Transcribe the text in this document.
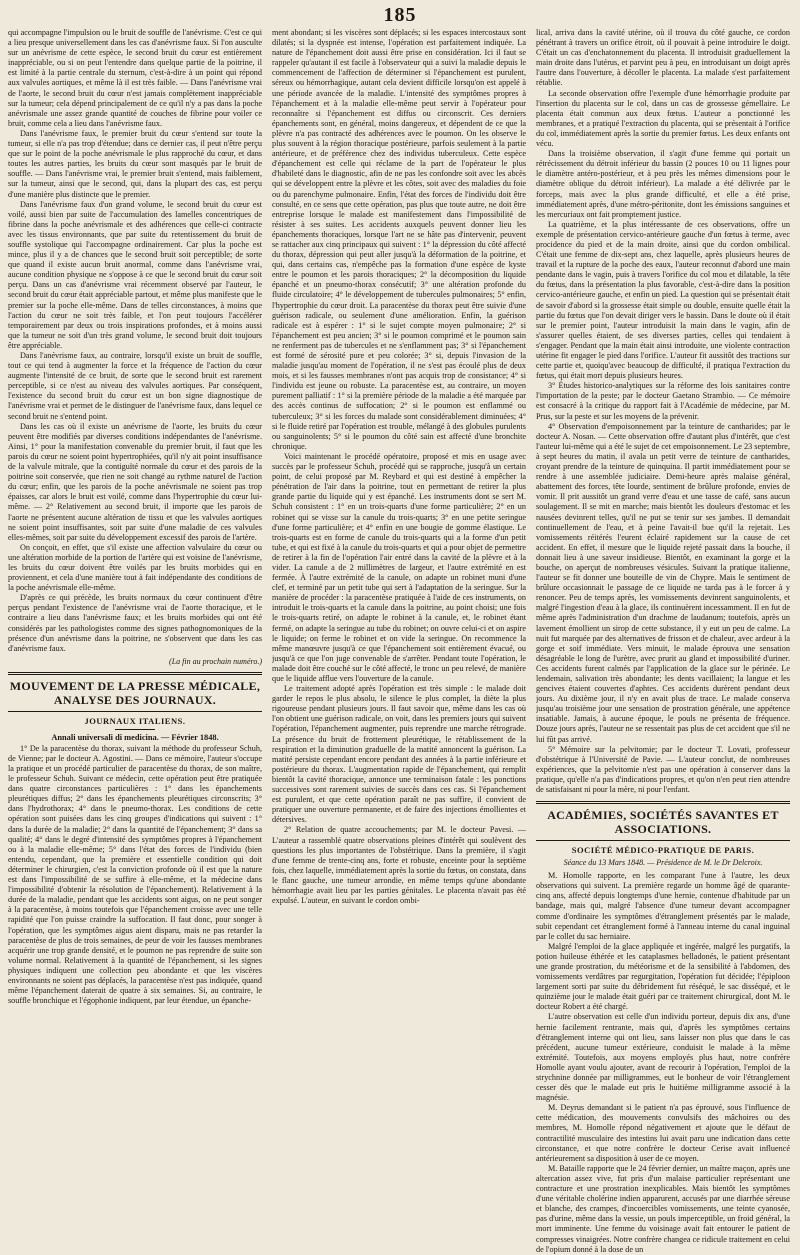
185

qui accompagne l'impulsion ou le bruit de souffle de l'anévrisme. C'est ce qui a lieu presque universellement dans les cas d'anévrisme faux. Si l'on ausculte sur un anévrisme de cette espèce, le second bruit du cœur est entièrement inappréciable, ou si on peut l'entendre dans quelque partie de la poitrine, il est limité à la partie centrale du sternum, c'est-à-dire à un point qui répond aux valvules aortiques, et même là il est très faible. — Dans l'anévrisme vrai de l'aorte, le second bruit du cœur n'est jamais complètement inappréciable sur la tumeur; cela dépend principalement de ce qu'il n'y a pas dans la poche anévrismale une assez grande quantité de couches de fibrine pour voiler ce bruit, comme cela a lieu dans l'anévrisme faux.

Dans l'anévrisme faux, le premier bruit du cœur s'entend sur toute la tumeur, si elle n'a pas trop d'étendue; dans ce dernier cas, il peut n'être perçu que sur le point de la poche anévrismale le plus rapproché du cœur, et dans toutes les autres parties, les bruits du cœur sont masqués par le bruit de souffle. — Dans l'anévrisme vrai, le premier bruit s'entend, mais faiblement, sur la tumeur, ainsi que le second, qui, dans la plupart des cas, est perçu d'une manière plus distincte que le premier.

Dans l'anévrisme faux d'un grand volume, le second bruit du cœur est voilé, aussi bien par suite de l'accumulation des lamelles concentriques de fibrine dans la poche anévrismale et des adhérences que celle-ci contracte avec les tissus environnants, que par suite du retentissement du bruit de souffle systolique qui l'accompagne ordinairement. Car plus la poche est mince, plus il y a de chances que le second bruit soit perceptible; de sorte que quand il existe aucun bruit anormal, comme dans l'anévrisme vrai, aucune condition physique ne s'oppose à ce que le second bruit du cœur soit perçu. Dans un cas d'anévrisme vrai récemment observé par l'auteur, le second bruit du cœur était appréciable partout, et même plus manifeste que le premier sur la poche elle-même. Dans de telles circonstances, à moins que l'action du cœur ne soit très faible, et l'on peut toujours l'accélérer temporairement par deux ou trois inspirations profondes, et à moins aussi que la tumeur ne soit d'un très grand volume, le second bruit doit toujours être appréciable.

Dans l'anévrisme faux, au contraire, lorsqu'il existe un bruit de souffle, tout ce qui tend à augmenter la force et la fréquence de l'action du cœur augmente l'intensité de ce bruit, de sorte que le second bruit est rarement perceptible, si ce n'est au niveau des valvules aortiques. Par conséquent, l'existence du second bruit du cœur est un bon signe diagnostique de l'anévrisme vrai et permet de le distinguer de l'anévrisme faux, dans lequel ce second bruit ne s'entend point.

Dans les cas où il existe un anévrisme de l'aorte, les bruits du cœur peuvent être modifiés par diverses conditions indépendantes de l'anévrisme. Ainsi, 1° pour la manifestation convenable du premier bruit, il faut que les parois du cœur ne soient point hypertrophiées, qu'il n'y ait point insuffisance de la valvule mitrale, que la contiguïté normale du cœur et des parois de la poitrine soit conservée, que rien ne soit changé au rythme naturel de l'action du cœur; enfin, que les parois de la poche anévrismale ne soient pas trop épaisses, car alors le bruit est voilé, comme dans l'hypertrophie du cœur lui-même. — 2° Relativement au second bruit, il importe que les parois de l'aorte ne présentent aucune altération de tissu et que les valvules aortiques ne soient point insuffisantes, soit par suite d'une maladie de ces valvules elles-mêmes, soit par suite du développement excessif des parois de l'artère.

On conçoit, en effet, que s'il existe une affection valvulaire du cœur ou une altération morbide de la portion de l'artère qui est voisine de l'anévrisme, les bruits du cœur doivent être voilés par les bruits morbides qui en proviennent, et cela d'une manière tout à fait indépendante des conditions de la poche anévrismale elle-même.

D'après ce qui précède, les bruits normaux du cœur continuent d'être perçus pendant l'existence de l'anévrisme vrai de l'aorte thoracique, et le contraire a lieu dans l'anévrisme faux; et les bruits morbides qui ont été considérés par les pathologistes comme des signes pathognomoniques de la présence d'un anévrisme dans la poitrine, ne s'observent que dans les cas d'anévrisme faux.

(La fin au prochain numéro.)
MOUVEMENT DE LA PRESSE MÉDICALE, ANALYSE DES JOURNAUX.
JOURNAUX ITALIENS.
Annali universali di medicina. — Février 1848.

1° De la paracentèse du thorax, suivant la méthode du professeur Schuh, de Vienne; par le docteur A. Agostini. — Dans ce mémoire, l'auteur s'occupe la pratique et un procédé particulier de paracentèse du thorax, de son maître, le professeur Schuh. Suivant ce médecin, cette opération peut être pratiquée dans quatre circonstances particulières : 1° dans les épanchements pleurétiques diffus; 2° dans les épanchements pleurétiques circonscrits; 3° dans l'hydrothorax; 4° dans le pneumo-thorax. Les conditions de cette opération sont puisées dans les cinq groupes d'indications qui suivent : 1° dans la durée de la maladie; 2° dans la quantité de l'épanchement; 3° dans sa qualité; 4° dans le degré d'intensité des symptômes propres à l'épanchement ou à la maladie elle-même; 5° dans l'état des forces de l'individu (bien entendu, cependant, que la première et essentielle condition qui doit déterminer le chirurgien, c'est la conviction profonde où il est que la nature est dans l'impossibilité de se suffire à elle-même, et la médecine dans l'impossibilité d'obtenir la résolution de l'épanchement). Relativement à la durée de la maladie, pendant que les accidents sont aigus, on ne peut songer à la paracentèse, à moins toutefois que l'épanchement croisse avec une telle rapidité que l'on puisse craindre la suffocation. Il faut donc, pour songer à l'opération, que les symptômes aigus aient disparu, mais ne pas retarder la paracentèse de plus de trois semaines, de peur de voir les fausses membranes acquérir une trop grande densité, et le poumon ne pas reprendre de suite son volume normal. Relativement à la quantité de l'épanchement, si les signes physiques indiquent une collection peu abondante et que les viscères environnants ne soient pas déplacés, la paracentèse n'est pas indiquée, quand même l'épanchement daterait de quatre à six semaines. Si, au contraire, le souffle bronchique et l'égophonie indiquent, par leur étendue, un épanche-

ment abondant; si les viscères sont déplacés; si les espaces intercostaux sont dilatés; si la dyspnée est intense, l'opération est parfaitement indiquée. La nature de l'épanchement doit aussi être prise en considération. Ici il faut se rappeler qu'autant il est facile à l'observateur qui a suivi la maladie depuis le commencement de l'affection de déterminer si l'épanchement est purulent, séreux ou hémorrhagique, autant cela devient difficile lorsqu'on est appelé à une période avancée de la maladie. L'intensité des symptômes propres à l'épanchement et à la maladie elle-même peut servir à l'opérateur pour reconnaître si l'épanchement est diffus ou circonscrit. Ces derniers épanchements sont, en général, moins dangereux, et dépendent de ce que la plèvre n'a pas contracté des adhérences avec le poumon. On les observe le plus souvent à la région thoracique postérieure, parfois seulement à la partie antérieure, et de préférence chez des individus tuberculeux. Cette espèce d'épanchement est celle qui réclame de la part de l'opérateur le plus d'habileté dans le diagnostic, afin de ne pas les confondre soit avec les abcès qui se développent entre la plèvre et les côtes, soit avec des maladies du foie ou du parenchyme pulmonaire. Enfin, l'état des forces de l'individu doit être consulté, en ce sens que cette opération, pas plus que toute autre, ne doit être entreprise lorsque le malade est manifestement dans l'impossibilité de résister à ses suites. Les accidents auxquels peuvent donner lieu les épanchements thoraciques, lorsque l'art ne se hâte pas d'intervenir, peuvent se rattacher aux cinq principaux qui suivent : 1° la dépression du côté affecté du thorax, dépression qui peut aller jusqu'à la déformation de la poitrine, et qui, dans certains cas, n'empêche pas la formation d'une espèce de kyste entre le poumon et les parois thoraciques; 2° la décomposition du liquide épanché et un pneumo-thorax consécutif; 3° une altération profonde du fluide circulatoire; 4° le développement de tubercules pulmonaires; 5° enfin, l'hypertrophie du cœur droit. La paracentèse du thorax peut être suivie d'une guérison radicale, ou seulement d'une amélioration. Enfin, la guérison radicale est à espérer : 1° si le sujet compte moyen pulmonaire; 2° si l'épanchement est peu ancien; 3° si le poumon comprimé et le poumon sain ne renferment pas de tubercules et ne s'enflamment pas; 3° si l'épanchement est formé de sérosité pure et peu colorée; 3° si, depuis l'invasion de la maladie jusqu'au moment de l'opération, il ne s'est pas écoulé plus de deux mois, et si les fausses membranes n'ont pas acquis trop de consistance; 4° si l'individu est jeune ou robuste. La paracentèse est, au contraire, un moyen purement palliatif : 1° si la première période de la maladie a été marquée par des accès continus de suffocation; 2° si le poumon est enflammé ou tuberculeux; 3° si les forces du malade sont considérablement diminuées; 4° si le fluide retiré par l'opération est trouble, mélangé à des globules purulents ou sanguinolents; 5° si le poumon du côté sain est affecté d'une bronchite chronique.

Voici maintenant le procédé opératoire, proposé et mis en usage avec succès par le professeur Schuh, procédé qui se rapproche, jusqu'à un certain point, de celui proposé par M. Reybard et qui est destiné à empêcher la pénétration de l'air dans la poitrine, tout en permettant de retirer la plus grande partie du liquide qui y est épanché. Les instruments dont se sert M. Schuh consistent : 1° en un trois-quarts d'une forme particulière; 2° en un robinet qui se visse sur la canule du trois-quarts; 3° en une petite seringue d'une forme particulière; et 4° enfin en une bougie de gomme élastique. Le trois-quarts est en forme de canule du trois-quarts qui a la forme d'un petit tube, et qui est fixé à la canule du trois-quarts et qui a pour objet de permettre de retirer à la fin de l'opération l'air entré dans la cavité de la plèvre et à la vider. La canule a de 2 millimètres de largeur, et l'autre extrémité en est fermée. À l'autre extrémité de la canule, on adapte un robinet muni d'une clef, et terminé par un petit tube qui sert à l'adaptation de la seringue. Sur la manière de procéder : la paracentèse pratiquée à l'aide de ces instruments, on introduit le trois-quarts et la canule dans la poitrine, au point choisi; une fois le trois-quarts retiré, on adapte le robinet à la canule, et, le robinet étant fermé, on adapte la seringue au tube du robinet; on ouvre celui-ci et on aspire le liquide; on ferme le robinet et on vide la seringue. On recommence la même manœuvre jusqu'à ce que l'épanchement soit entièrement évacué, ou jusqu'à ce que l'on juge convenable de s'arrêter. Pendant toute l'opération, le malade doit être couché sur le côté affecté, le tronc un peu relevé, de manière que le liquide afflue vers l'ouverture de la canule.

Le traitement adopté après l'opération est très simple : le malade doit garder le repos le plus absolu, le silence le plus complet, la diète la plus rigoureuse pendant plusieurs jours. Il faut savoir que, même dans les cas où l'on obtient une guérison radicale, on voit, dans les premiers jours qui suivent l'opération, l'épanchement augmenter, puis reprendre une marche rétrograde. La présence du bruit de frottement pleurétique, le rétablissement de la respiration et la diminution graduelle de la matité annoncent la guérison. La matité persiste cependant encore pendant des années à la partie inférieure et postérieure du thorax. L'augmentation rapide de l'épanchement, qui remplit bientôt la cavité thoracique, annonce une terminaison fatale : les ponctions successives sont rarement suivies de succès dans ces cas. Si l'épanchement est purulent, et que cette opération paraît ne pas suffire, il convient de pratiquer une ouverture permanente, et de faire des injections émollientes et détersives.

2° Relation de quatre accouchements; par M. le docteur Pavesi. — L'auteur a rassemblé quatre observations pleines d'intérêt qui soulèvent des questions les plus importantes de l'obstétrique. Dans la première, il s'agit d'une femme de trente-cinq ans, forte et robuste, enceinte pour la septième fois, chez laquelle, immédiatement après la sortie du fœtus, on constata, dans le flanc gauche, une tumeur arrondie, en même temps qu'une abondante hémorrhagie avait lieu par les parties génitales. Le placenta n'avait pas été expulsé. L'auteur, en suivant le cordon ombi-

lical, arriva dans la cavité utérine, où il trouva du côté gauche, ce cordon pénétrant à travers un orifice étroit, où il pouvait à peine introduire le doigt. C'était un cas d'enchatonnement du placenta. Il introduisit graduellement la main droite dans l'utérus, et parvint peu à peu, en introduisant un doigt après l'autre dans l'ouverture, à décoller le placenta. La malade s'est parfaitement rétablie.

La seconde observation offre l'exemple d'une hémorrhagie produite par l'insertion du placenta sur le col, dans un cas de grossesse gémellaire. Le placenta était commun aux deux fœtus. L'auteur a ponctionné les membranes, et a pratiqué l'extraction du placenta, qui se présentait à l'orifice du col, immédiatement après la sortie du premier fœtus. Les deux enfants ont vécu.

Dans la troisième observation, il s'agit d'une femme qui portait un rétrécissement du détroit inférieur du bassin (2 pouces 10 ou 11 lignes pour le diamètre antéro-postérieur, et à peu près les mêmes dimensions pour le diamètre oblique du détroit inférieur). La malade a été délivrée par le forceps, mais avec la plus grande difficulté, et elle a été prise, immédiatement après, d'une métro-péritonite, dont les émissions sanguines et les mercuriaux ont fait promptement justice.

La quatrième, et la plus intéressante de ces observations, offre un exemple de présentation cervico-antérieure gauche d'un fœtus à terme, avec procidence du pied et de la main droite, ainsi que du cordon ombilical. C'était une femme de dix-sept ans, chez laquelle, après plusieurs heures de travail et la rupture de la poche des eaux, l'auteur reconnut d'abord une main pendante dans le vagin, puis à travers l'orifice du col mou et dilatable, la tête du fœtus, dans la présentation la plus favorable, c'est-à-dire dans la position cervico-antérieure gauche, et enfin un pied. La question qui se présentait était de savoir d'abord si la grossesse était simple ou double, ensuite quelle était la partie du fœtus que l'on devait diriger vers le bassin. Dans le doute où il était sur le premier point, l'auteur introduisit la main dans le vagin, afin de s'assurer quelles étaient, de ses diverses parties, celles qui tendaient à s'engager. Pendant que la main était ainsi introduite, une violente contraction utérine fit engager le pied dans l'orifice. L'auteur fit aussitôt des tractions sur cette partie et, quoiqu'avec beaucoup de difficulté, il pratiqua l'extraction du fœtus, qui était mort depuis plusieurs heures.

3° Études historico-analytiques sur la réforme des lois sanitaires contre l'importation de la peste; par le docteur Gaetano Strambio. — Ce mémoire est consacré à la critique du rapport fait à l'Académie de médecine, par M. Prus, sur la peste et sur les moyens de la prévenir.

4° Observation d'empoisonnement par la teinture de cantharides; par le docteur A. Nosan. — Cette observation offre d'autant plus d'intérêt, que c'est l'auteur lui-même qui a été le sujet de cet empoisonnement. Le 23 septembre, à sept heures du matin, il avala un petit verre de teinture de cantharides, croyant prendre de la teinture de quinquina. Il partit immédiatement pour se rendre à une assemblée judiciaire. Demi-heure après malaise général, abattement des forces, tête lourde, sentiment de brûlure profonde, envies de vomir. Il prit aussitôt un grand verre d'eau et une tasse de café, sans aucun soulagement. Il se mit en marche; mais bientôt les douleurs d'estomac et les nausées devinrent telles, qu'il ne put se tenir sur ses jambes. Il demandait continuellement de l'eau, et à peine l'avait-il bue qu'il la rejetait. Les vomissements réitérés l'eurent éclairé rapidement sur la cause de cet accident. En effet, il mesure que le liquide rejeté passait dans la bouche, il donnait lieu à une saveur insidieuse. Bientôt, en examinant la gorge et la bouche, on aperçut de nombreuses vésicules. Suivant la pratique italienne, l'auteur se fit donner une bouteille de vin de Chypre. Mais le sentiment de brûlure occasionnait le passage de ce liquide ne tarda pas à le forcer à y renoncer. Peu de temps après, les vomissements devinrent sanguinolents, et malgré l'ingestion d'eau à la glace, ils continuèrent incessamment. Il en fut de même après l'administration d'un drachme de laudanum; toutefois, après un lavement émollient un sirop de cette substance, il y eut un peu de calme. La nuit fut marquée par des alternatives de frisson et de chaleur, avec ardeur à la gorge et soif immédiate. Vers minuit, le malade éprouva une sensation désagréable le long de l'urètre, avec prurit au gland et impossibilité d'uriner. Ces accidents furent calmés par l'application de la glace sur le périnée. Le lendemain, salivation très abondante; les dents vacillaient; la langue et les gencives étaient couvertes d'aphtes. Ces accidents durèrent pendant deux jours. Au dixième jour, il n'y en avait plus de trace. Le malade conserva jusqu'au troisième jour une sensation de prostration générale, une appétence insatiable. Jamais, à aucune époque, le pouls ne présenta de fréquence. Douze jours après, l'auteur ne se ressentait pas plus de cet accident que s'il ne lui fût pas arrivé.

5° Mémoire sur la pelvitomie; par le docteur T. Lovati, professeur d'obstétrique à l'Université de Pavie. — L'auteur conclut, de nombreuses expériences, que la pelvitomie n'est pas une opération à conserver dans la pratique, qu'elle n'a pas d'indications propres, et qu'on n'en peut rien attendre de satisfaisant ni pour la mère, ni pour l'enfant.

ACADÉMIES, SOCIÉTÉS SAVANTES ET ASSOCIATIONS.
SOCIÉTÉ MÉDICO-PRATIQUE DE PARIS.
Séance du 13 Mars 1848. — Présidence de M. le Dr Delcroix.

M. Homolle rapporte, en les comparant l'une à l'autre, les deux observations qui suivent. La première regarde un homme âgé de quarante-cinq ans, affecté depuis longtemps d'une hernie, contenue d'habitude par un bandage, mais qui, malgré l'absence d'une tumeur devant accompagner comme d'ordinaire les symptômes d'étranglement présentés par le malade, subit cependant cet étranglement formé à l'anneau interne du canal inguinal par le collet du sac herniaire.

Malgré l'emploi de la glace appliquée et ingérée, malgré les purgatifs, la potion huileuse éthérée et les cataplasmes belladonés, le patient présentant une grande prostration, du météorisme et de la sensibilité à l'abdomen, des vomissements verdâtres par regurgitation, l'opération fut décidée; l'épiploon largement sorti par suite du débridement fut réséqué, le sac disséqué, et le quinzième jour le malade était guéri par ce traitement chirurgical, dont M. le docteur Robert a été chargé.

L'autre observation est celle d'un individu porteur, depuis dix ans, d'une hernie facilement rentrante, mais qui, d'après les symptômes certains d'étranglement interne qui ont lieu, sans laisser non plus que dans le cas précédent, aucune tumeur extérieure, conduisit le malade à la même extrémité. Toutefois, aux moyens employés plus haut, notre confrère Homolle ayant voulu ajouter, avant de recourir à l'opération, l'emploi de la strychnine donnée par milligrammes, eut le bonheur de voir l'étranglement cesser dès que le malade eut pris le huitième milligramme associé à la magnésie.

M. Deyrus demandant si le patient n'a pas éprouvé, sous l'influence de cette médication, des mouvements convulsifs des mâchoires ou des membres, M. Homolle répond négativement et ajoute que le défaut de contractilité musculaire des intestins lui avait paru une indication dans cette circonstance, et que notre confrère le docteur Cerise avait influencé antérieurement sa disposition à user de ce moyen.

M. Bataille rapporte que le 24 février dernier, un maître maçon, après une altercation assez vive, fut pris d'un malaise particulier représentant une contracture et une prostration inexplicables. Mais bientôt les symptômes d'une véritable cholérine indien apparurent, accusés par une diarrhée séreuse et blanche, des crampes, d'incoercibles vomissements, une teinte cyanosée, pas d'urine, même dans la vessie, un pouls imperceptible, un froid général, la mort imminente. Une femme du voisinage avait fait entourer le patient de compresses vinaigrées. Notre confrère changea ce ridicule traitement en celui de l'opium donné à la dose de un
